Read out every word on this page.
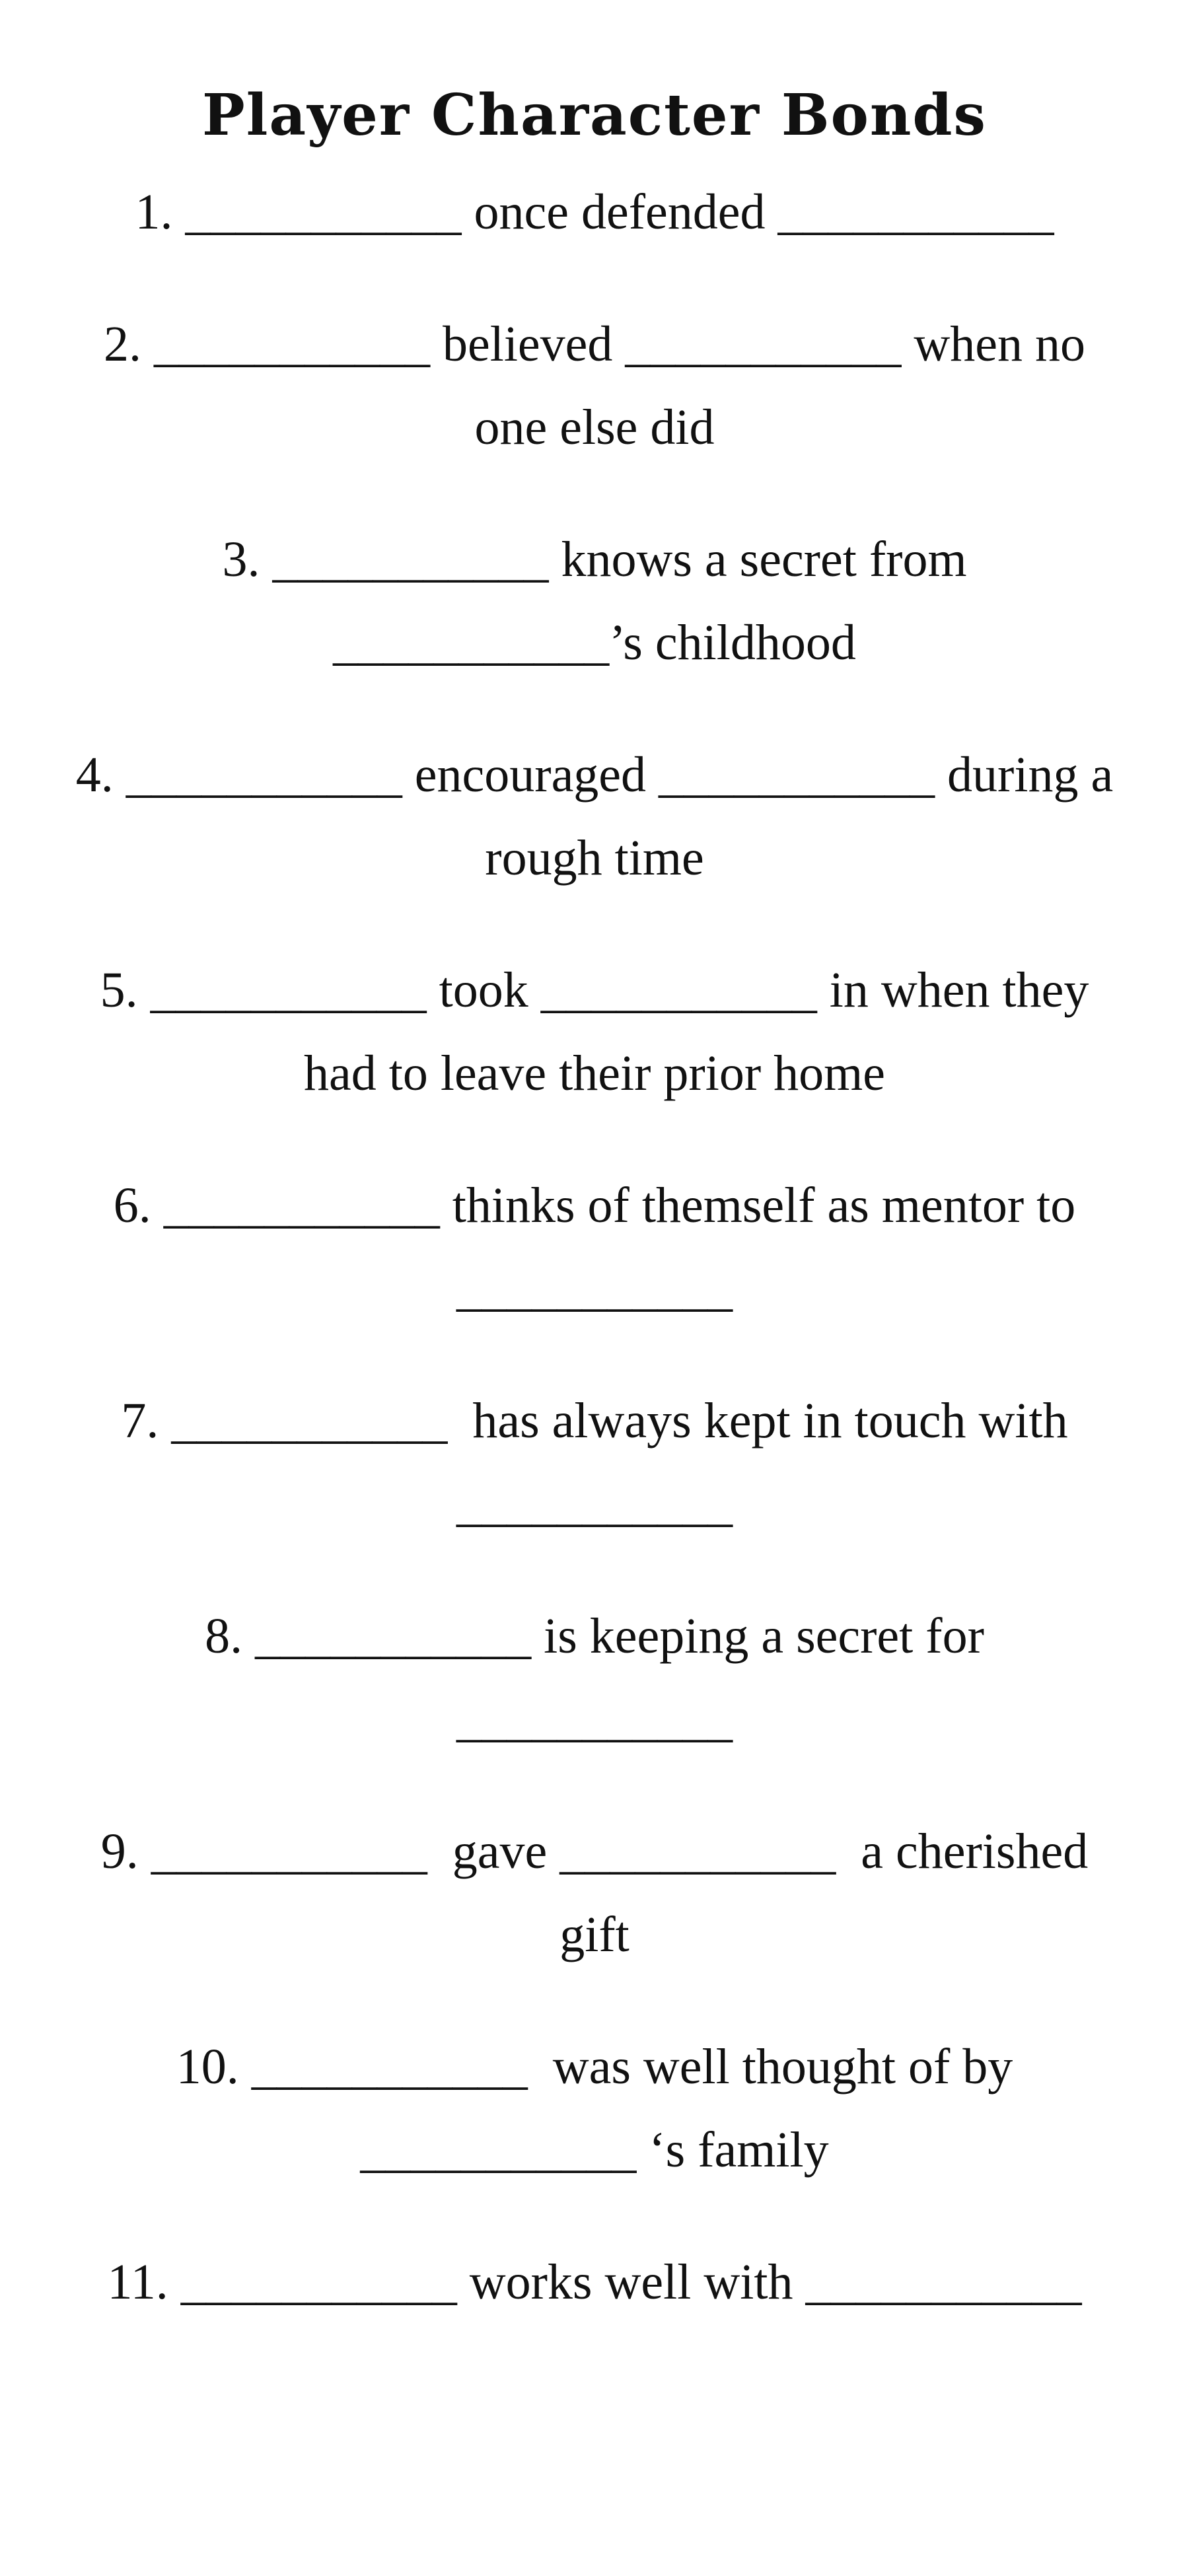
Player Character Bonds
1. ___________ once defended ___________
2. ___________ believed ___________ when no one else did
3. ___________ knows a secret from ___________’s childhood
4. ___________ encouraged ___________ during a rough time
5. ___________ took ___________ in when they had to leave their prior home
6. ___________ thinks of themself as mentor to ___________
7. ___________  has always kept in touch with ___________
8. ___________ is keeping a secret for ___________
9. ___________  gave ___________  a cherished gift
10. ___________  was well thought of by ___________ ‘s family
11. ___________ works well with ___________
